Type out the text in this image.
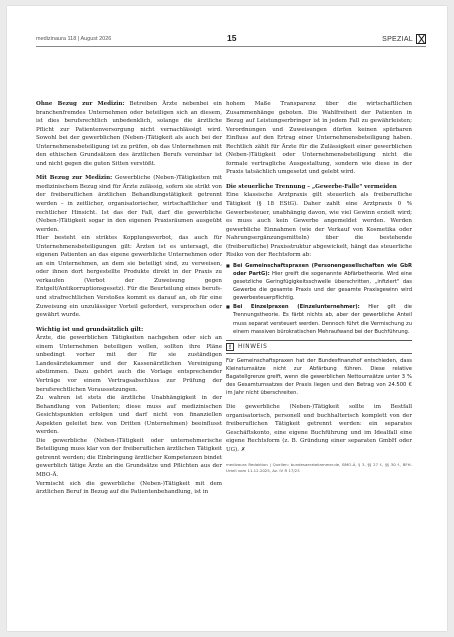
medizinaura 118 | August 2026	15	SPEZIAL

Ohne Bezug zur Medizin: Betreiben Ärzte nebenbei ein branchenfremdes Unternehmen oder beteiligen sich an diesem, ist dies berufsrechtlich unbedenklich, solange die ärztliche Pflicht zur Patientenversorgung nicht vernachlässigt wird. Sowohl bei der gewerblichen (Neben-)Tätigkeit als auch bei der Unternehmensbeteiligung ist zu prüfen, ob das Unternehmen mit den ethischen Grundsätzen des ärztlichen Berufs vereinbar ist und nicht gegen die guten Sitten verstößt.

Mit Bezug zur Medizin: Gewerbliche (Neben-)Tätigkeiten mit medizinischem Bezug sind für Ärzte zulässig, sofern sie strikt von der freiberuflichen ärztlichen Behandlungstätigkeit getrennt werden – in zeitlicher, organisatorischer, wirtschaftlicher und rechtlicher Hinsicht. Ist das der Fall, darf die gewerbliche (Neben-)Tätigkeit sogar in den eigenen Praxisräumen ausgeübt werden.
Hier besteht ein striktes Kopplungsverbot, das auch für Unternehmensbeteiligungen gilt: Ärzten ist es untersagt, die eigenen Patienten an das eigene gewerbliche Unternehmen oder an ein Unternehmen, an dem sie beteiligt sind, zu verweisen, oder ihnen dort hergestellte Produkte direkt in der Praxis zu verkaufen (Verbot der Zuweisung gegen Entgelt/Antikorruptionsgesetz). Für die Beurteilung eines berufs- und strafrechtlichen Verstoßes kommt es darauf an, ob für eine Zuweisung ein unzulässiger Vorteil gefordert, versprochen oder gewährt wurde.

Wichtig ist und grundsätzlich gilt:
Ärzte, die gewerblichen Tätigkeiten nachgehen oder sich an einem Unternehmen beteiligen wollen, sollten ihre Pläne unbedingt vorher mit der für sie zuständigen Landesärztekammer und der Kassenärztlichen Vereinigung abstimmen. Dazu gehört auch die Vorlage entsprechender Verträge vor einem Vertragsabschluss zur Prüfung der berufsrechtlichen Voraussetzungen.
Zu wahren ist stets die ärztliche Unabhängigkeit in der Behandlung von Patienten; diese muss auf medizinischen Gesichtspunkten erfolgen und darf nicht von finanziellen Aspekten geleitet bzw. von Dritten (Unternehmen) beeinflusst werden.
Die gewerbliche (Neben-)Tätigkeit oder unternehmerische Beteiligung muss klar von der freiberuflichen ärztlichen Tätigkeit getrennt werden; die Einbringung ärztlicher Kompetenzen bindet gewerblich tätige Ärzte an die Grundsätze und Pflichten aus der MBO-Ä.
Vermischt sich die gewerbliche (Neben-)Tätigkeit mit dem ärztlichen Beruf in Bezug auf die Patientenbehandlung, ist in

hohem Maße Transparenz über die wirtschaftlichen Zusammenhänge geboten. Die Wahlfreiheit der Patienten in Bezug auf Leistungserbringer ist in jedem Fall zu gewährleisten; Verordnungen und Zuweisungen dürfen keinen spürbaren Einfluss auf den Ertrag einer Unternehmensbeteiligung haben. Rechtlich zählt für Ärzte für die Zulässigkeit einer gewerblichen (Neben-)Tätigkeit oder Unternehmensbeteiligung nicht die formale vertragliche Ausgestaltung, sondern wie diese in der Praxis tatsächlich umgesetzt und gelebt wird.

Die steuerliche Trennung – „Gewerbe-Falle" vermeiden
Eine klassische Arztpraxis gilt steuerlich als freiberufliche Tätigkeit (§ 18 EStG). Daher zahlt eine Arztpraxis 0 % Gewerbesteuer, unabhängig davon, wie viel Gewinn erzielt wird; es muss auch kein Gewerbe angemeldet werden. Werden gewerbliche Einnahmen (wie der Verkauf von Kosmetika oder Nahrungsergänzungsmitteln) über die bestehende (freiberufliche) Praxisstruktur abgewickelt, hängt das steuerliche Risiko von der Rechtsform ab:

■ Bei Gemeinschaftspraxen (Personengesellschaften wie GbR oder PartG): Hier greift die sogenannte Abfärbetheorie. Wird eine gesetzliche Geringfügigkeitsschwelle überschritten, „infiziert" das Gewerbe die gesamte Praxis und der gesamte Praxisgewinn wird gewerbesteuerpflichtig.
■ Bei Einzelpraxen (Einzelunternehmer): Hier gilt die Trennungstheorie. Es färbt nichts ab, aber der gewerbliche Anteil muss separat versteuert werden. Dennoch führt die Vermischung zu einem massiven bürokratischen Mehraufwand bei der Buchführung.
!	HINWEIS
Für Gemeinschaftspraxen hat der Bundesfinanzhof entschieden, dass Kleinstumsätze nicht zur Abfärbung führen. Diese relative Bagatellgrenze greift, wenn die gewerblichen Nettoumsätze unter 3 % des Gesamtumsatzes der Praxis liegen und den Betrag von 24.500 € im Jahr nicht überschreiten.

Die gewerbliche (Neben-)Tätigkeit sollte im Bestfall organisatorisch, personell und buchhalterisch komplett von der freiberuflichen Tätigkeit getrennt werden: ein separates Geschäftskonto, eine eigene Buchführung und im Idealfall eine eigene Rechtsform (z. B. Gründung einer separaten GmbH oder UG). ✗

medizaura Redaktion | Quellen: bundesaerztekammer.de, BMO-Ä, § 3, §§ 27 f., §§ 30 f., BFH- Urteil vom 11.12.2025, Az. IV R 17/23
